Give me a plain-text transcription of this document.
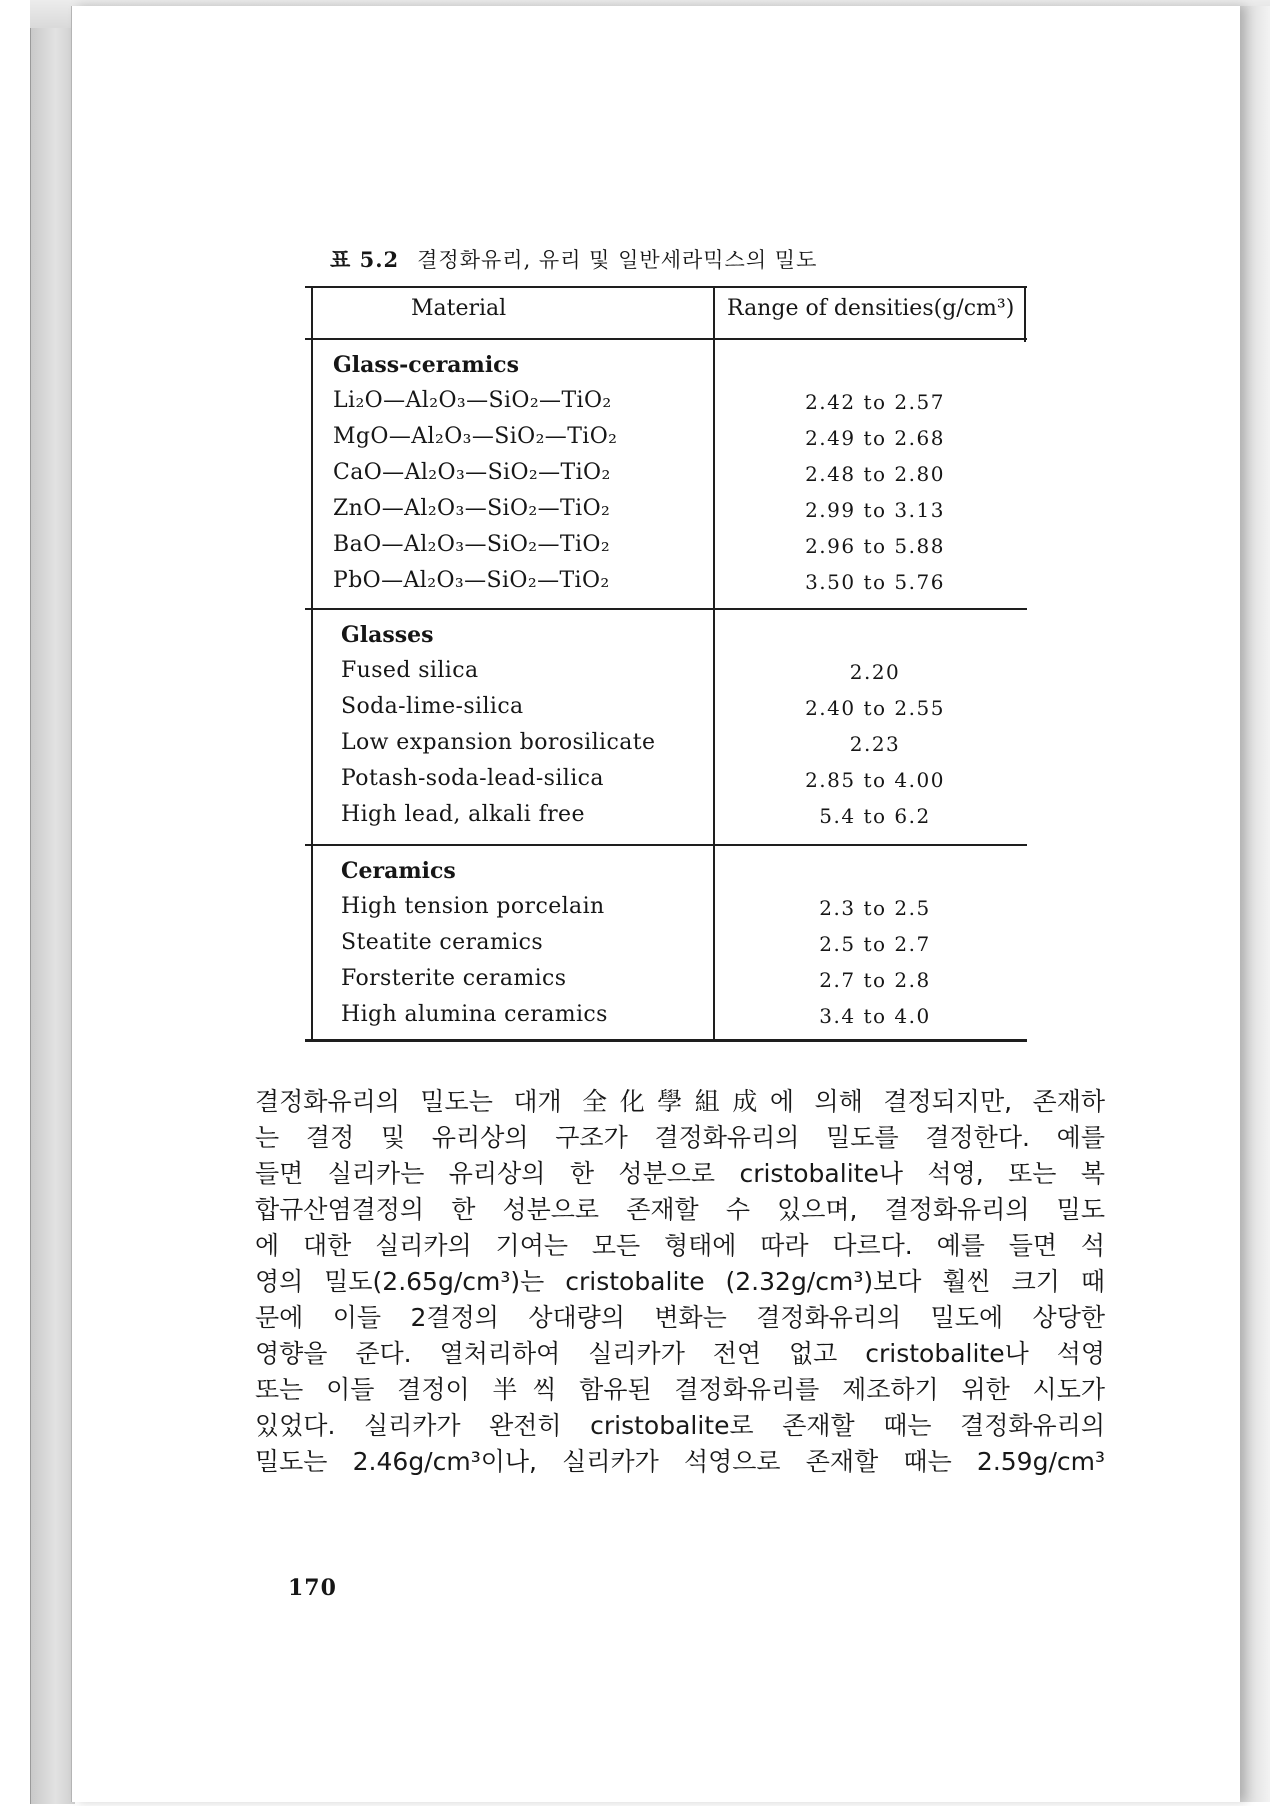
표 5.2 결정화유리, 유리 및 일반세라믹스의 밀도
Material	Range of densities(g/cm³)
Glass-ceramics
Li₂O—Al₂O₃—SiO₂—TiO₂	2.42 to 2.57
MgO—Al₂O₃—SiO₂—TiO₂	2.49 to 2.68
CaO—Al₂O₃—SiO₂—TiO₂	2.48 to 2.80
ZnO—Al₂O₃—SiO₂—TiO₂	2.99 to 3.13
BaO—Al₂O₃—SiO₂—TiO₂	2.96 to 5.88
PbO—Al₂O₃—SiO₂—TiO₂	3.50 to 5.76
Glasses
Fused silica	2.20
Soda-lime-silica	2.40 to 2.55
Low expansion borosilicate	2.23
Potash-soda-lead-silica	2.85 to 4.00
High lead, alkali free	5.4 to 6.2
Ceramics
High tension porcelain	2.3 to 2.5
Steatite ceramics	2.5 to 2.7
Forsterite ceramics	2.7 to 2.8
High alumina ceramics	3.4 to 4.0
결정화유리의 밀도는 대개 全化學組成에 의해 결정되지만, 존재하
는 결정 및 유리상의 구조가 결정화유리의 밀도를 결정한다. 예를
들면 실리카는 유리상의 한 성분으로 cristobalite나 석영, 또는 복
합규산염결정의 한 성분으로 존재할 수 있으며, 결정화유리의 밀도
에 대한 실리카의 기여는 모든 형태에 따라 다르다. 예를 들면 석
영의 밀도(2.65g/cm³)는 cristobalite (2.32g/cm³)보다 훨씬 크기 때
문에 이들 2결정의 상대량의 변화는 결정화유리의 밀도에 상당한
영향을 준다. 열처리하여 실리카가 전연 없고 cristobalite나 석영
또는 이들 결정이 半씩 함유된 결정화유리를 제조하기 위한 시도가
있었다. 실리카가 완전히 cristobalite로 존재할 때는 결정화유리의
밀도는 2.46g/cm³이나, 실리카가 석영으로 존재할 때는 2.59g/cm³
170
